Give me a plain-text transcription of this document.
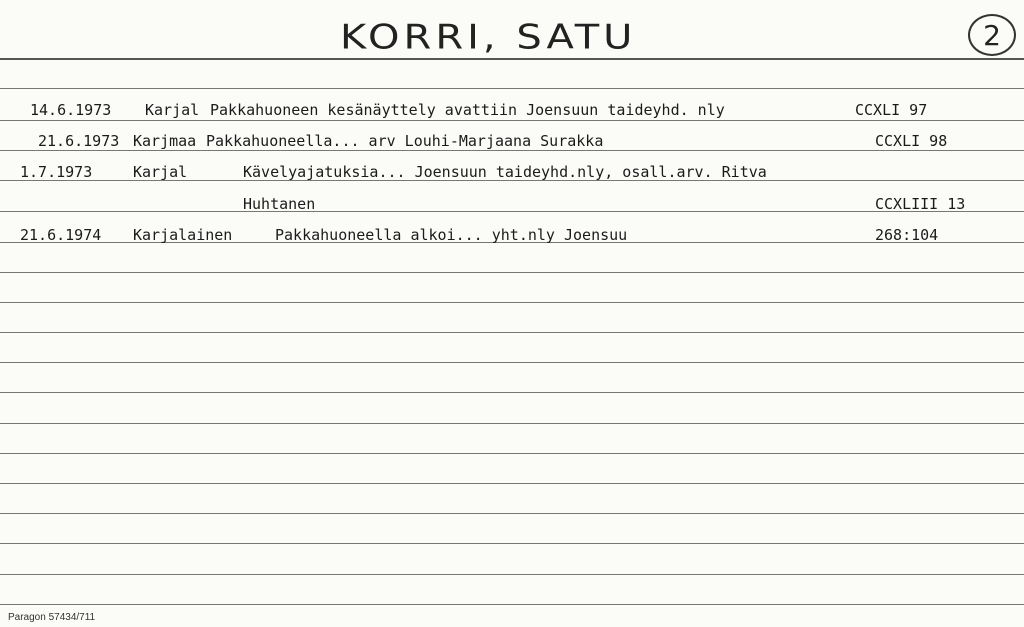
KORRI, SATU	2
14.6.1973 Karjal Pakkahuoneen kesänäyttely avattiin Joensuun taideyhd. nly	CCXLI 97
21.6.1973 Karjmaa Pakkahuoneella... arv Louhi-Marjaana Surakka	CCXLI 98
1.7.1973	Karjal	Kävelyajatuksia... Joensuun taideyhd.nly, osall.arv. Ritva
Huhtanen	CCXLIII 13
21.6.1974 Karjalainen	Pakkahuoneella alkoi... yht.nly Joensuu	268:104
Paragon 57434/711
